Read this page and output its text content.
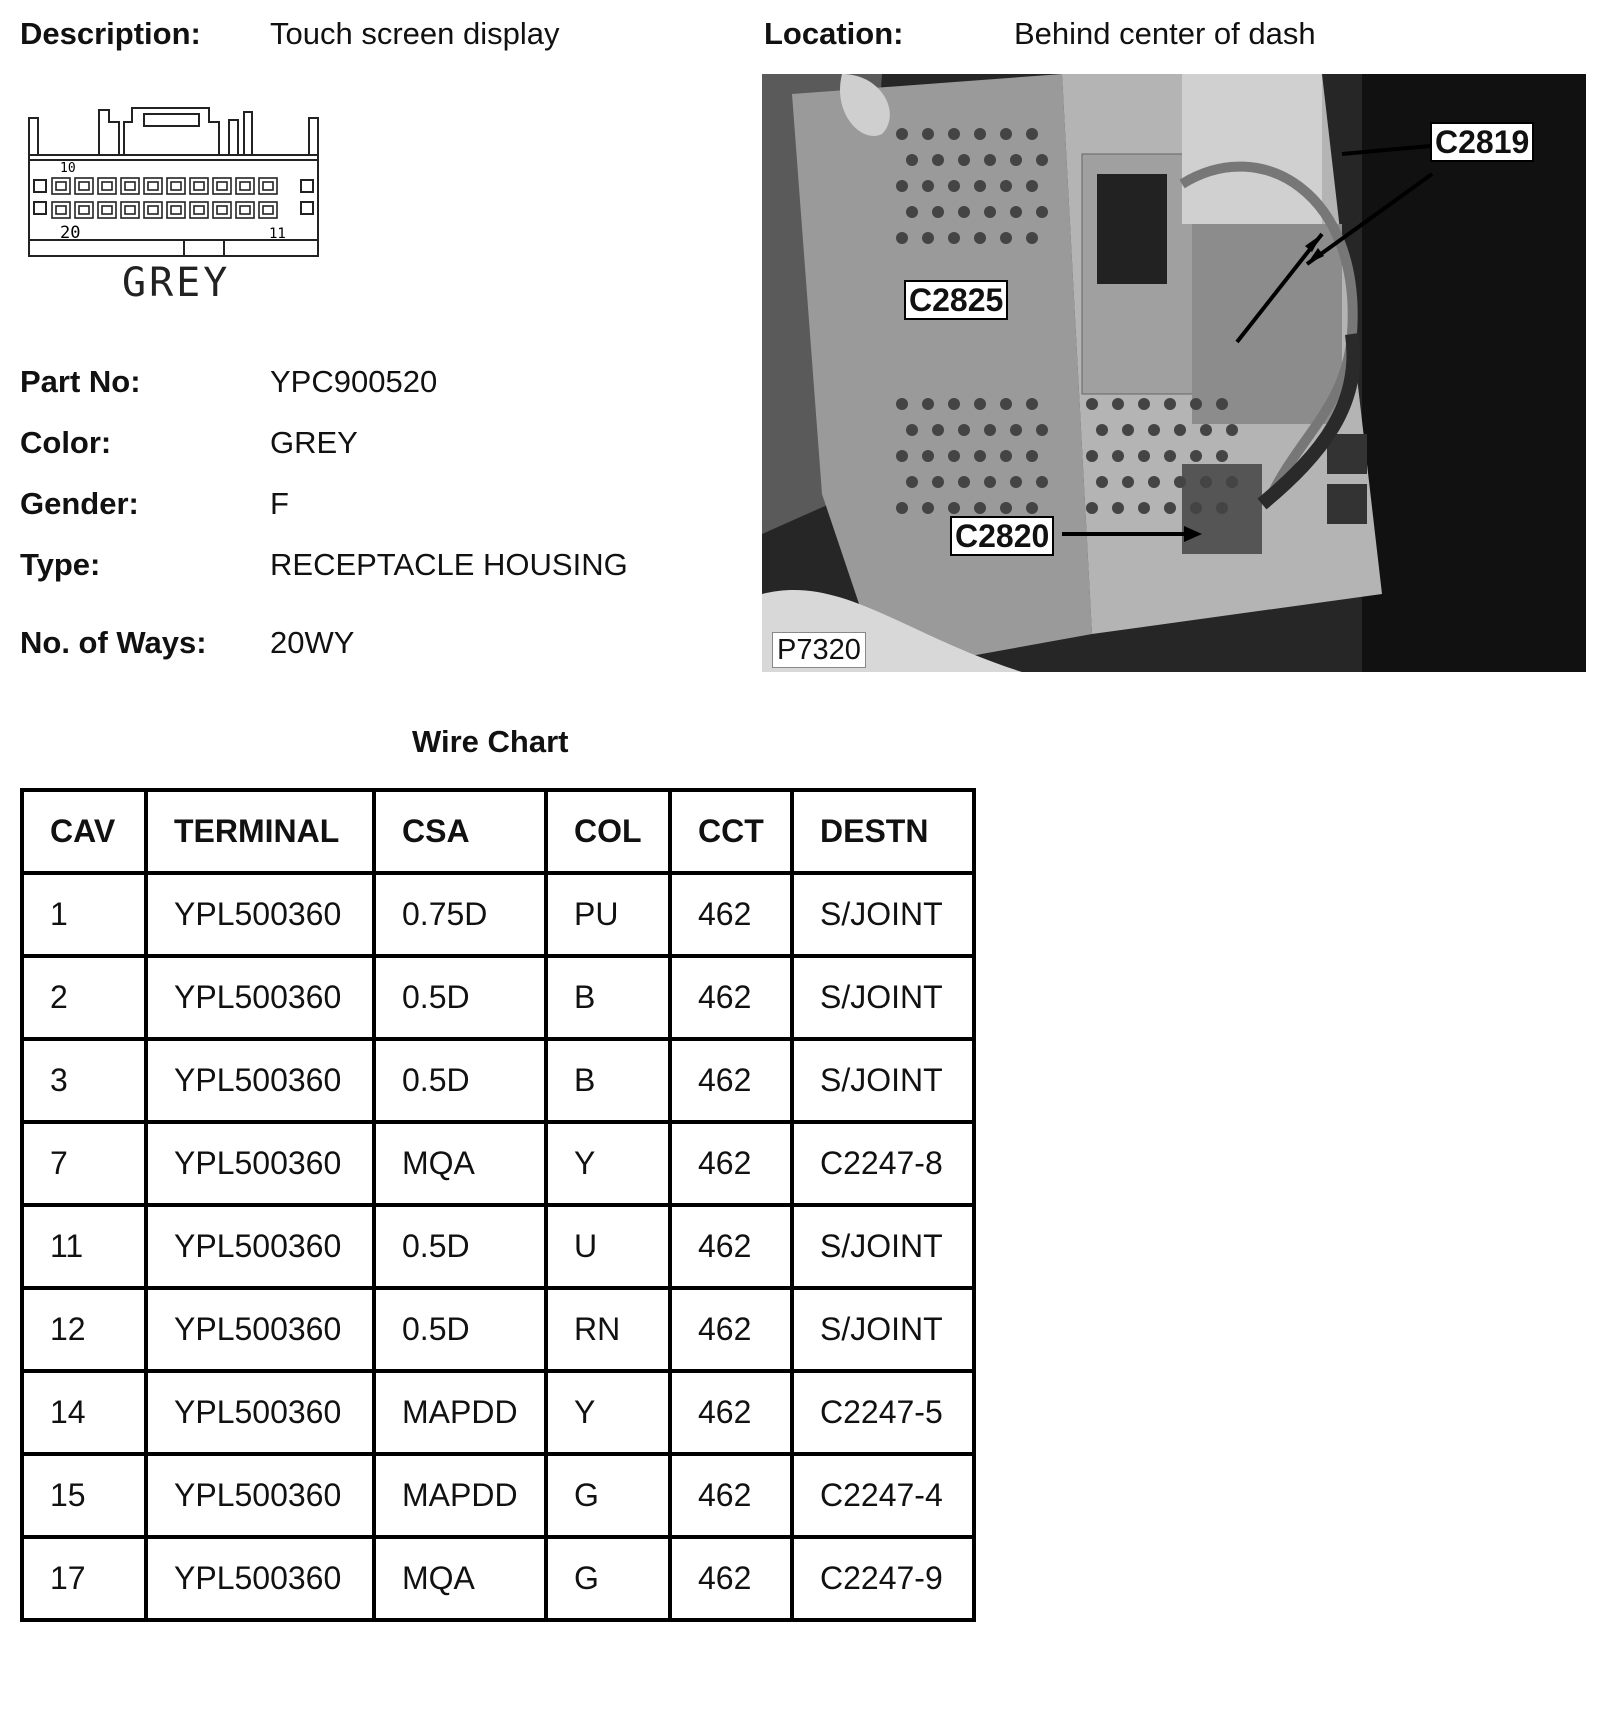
Description: Touch screen display	Location:	Behind center of dash
10
20	11
GREY
Part No:	YPC900520
Color:	GREY
Gender:	F
Type:	RECEPTACLE HOUSING
No. of Ways: 20WY
C2819
C2825
C2820
P7320
Wire Chart
CAV	TERMINAL	CSA	COL	CCT	DESTN
1	YPL500360	0.75D	PU	462	S/JOINT
2	YPL500360	0.5D	B	462	S/JOINT
3	YPL500360	0.5D	B	462	S/JOINT
7	YPL500360	MQA	Y	462	C2247-8
11	YPL500360	0.5D	U	462	S/JOINT
12	YPL500360	0.5D	RN	462	S/JOINT
14	YPL500360	MAPDD	Y	462	C2247-5
15	YPL500360	MAPDD	G	462	C2247-4
17	YPL500360	MQA	G	462	C2247-9
